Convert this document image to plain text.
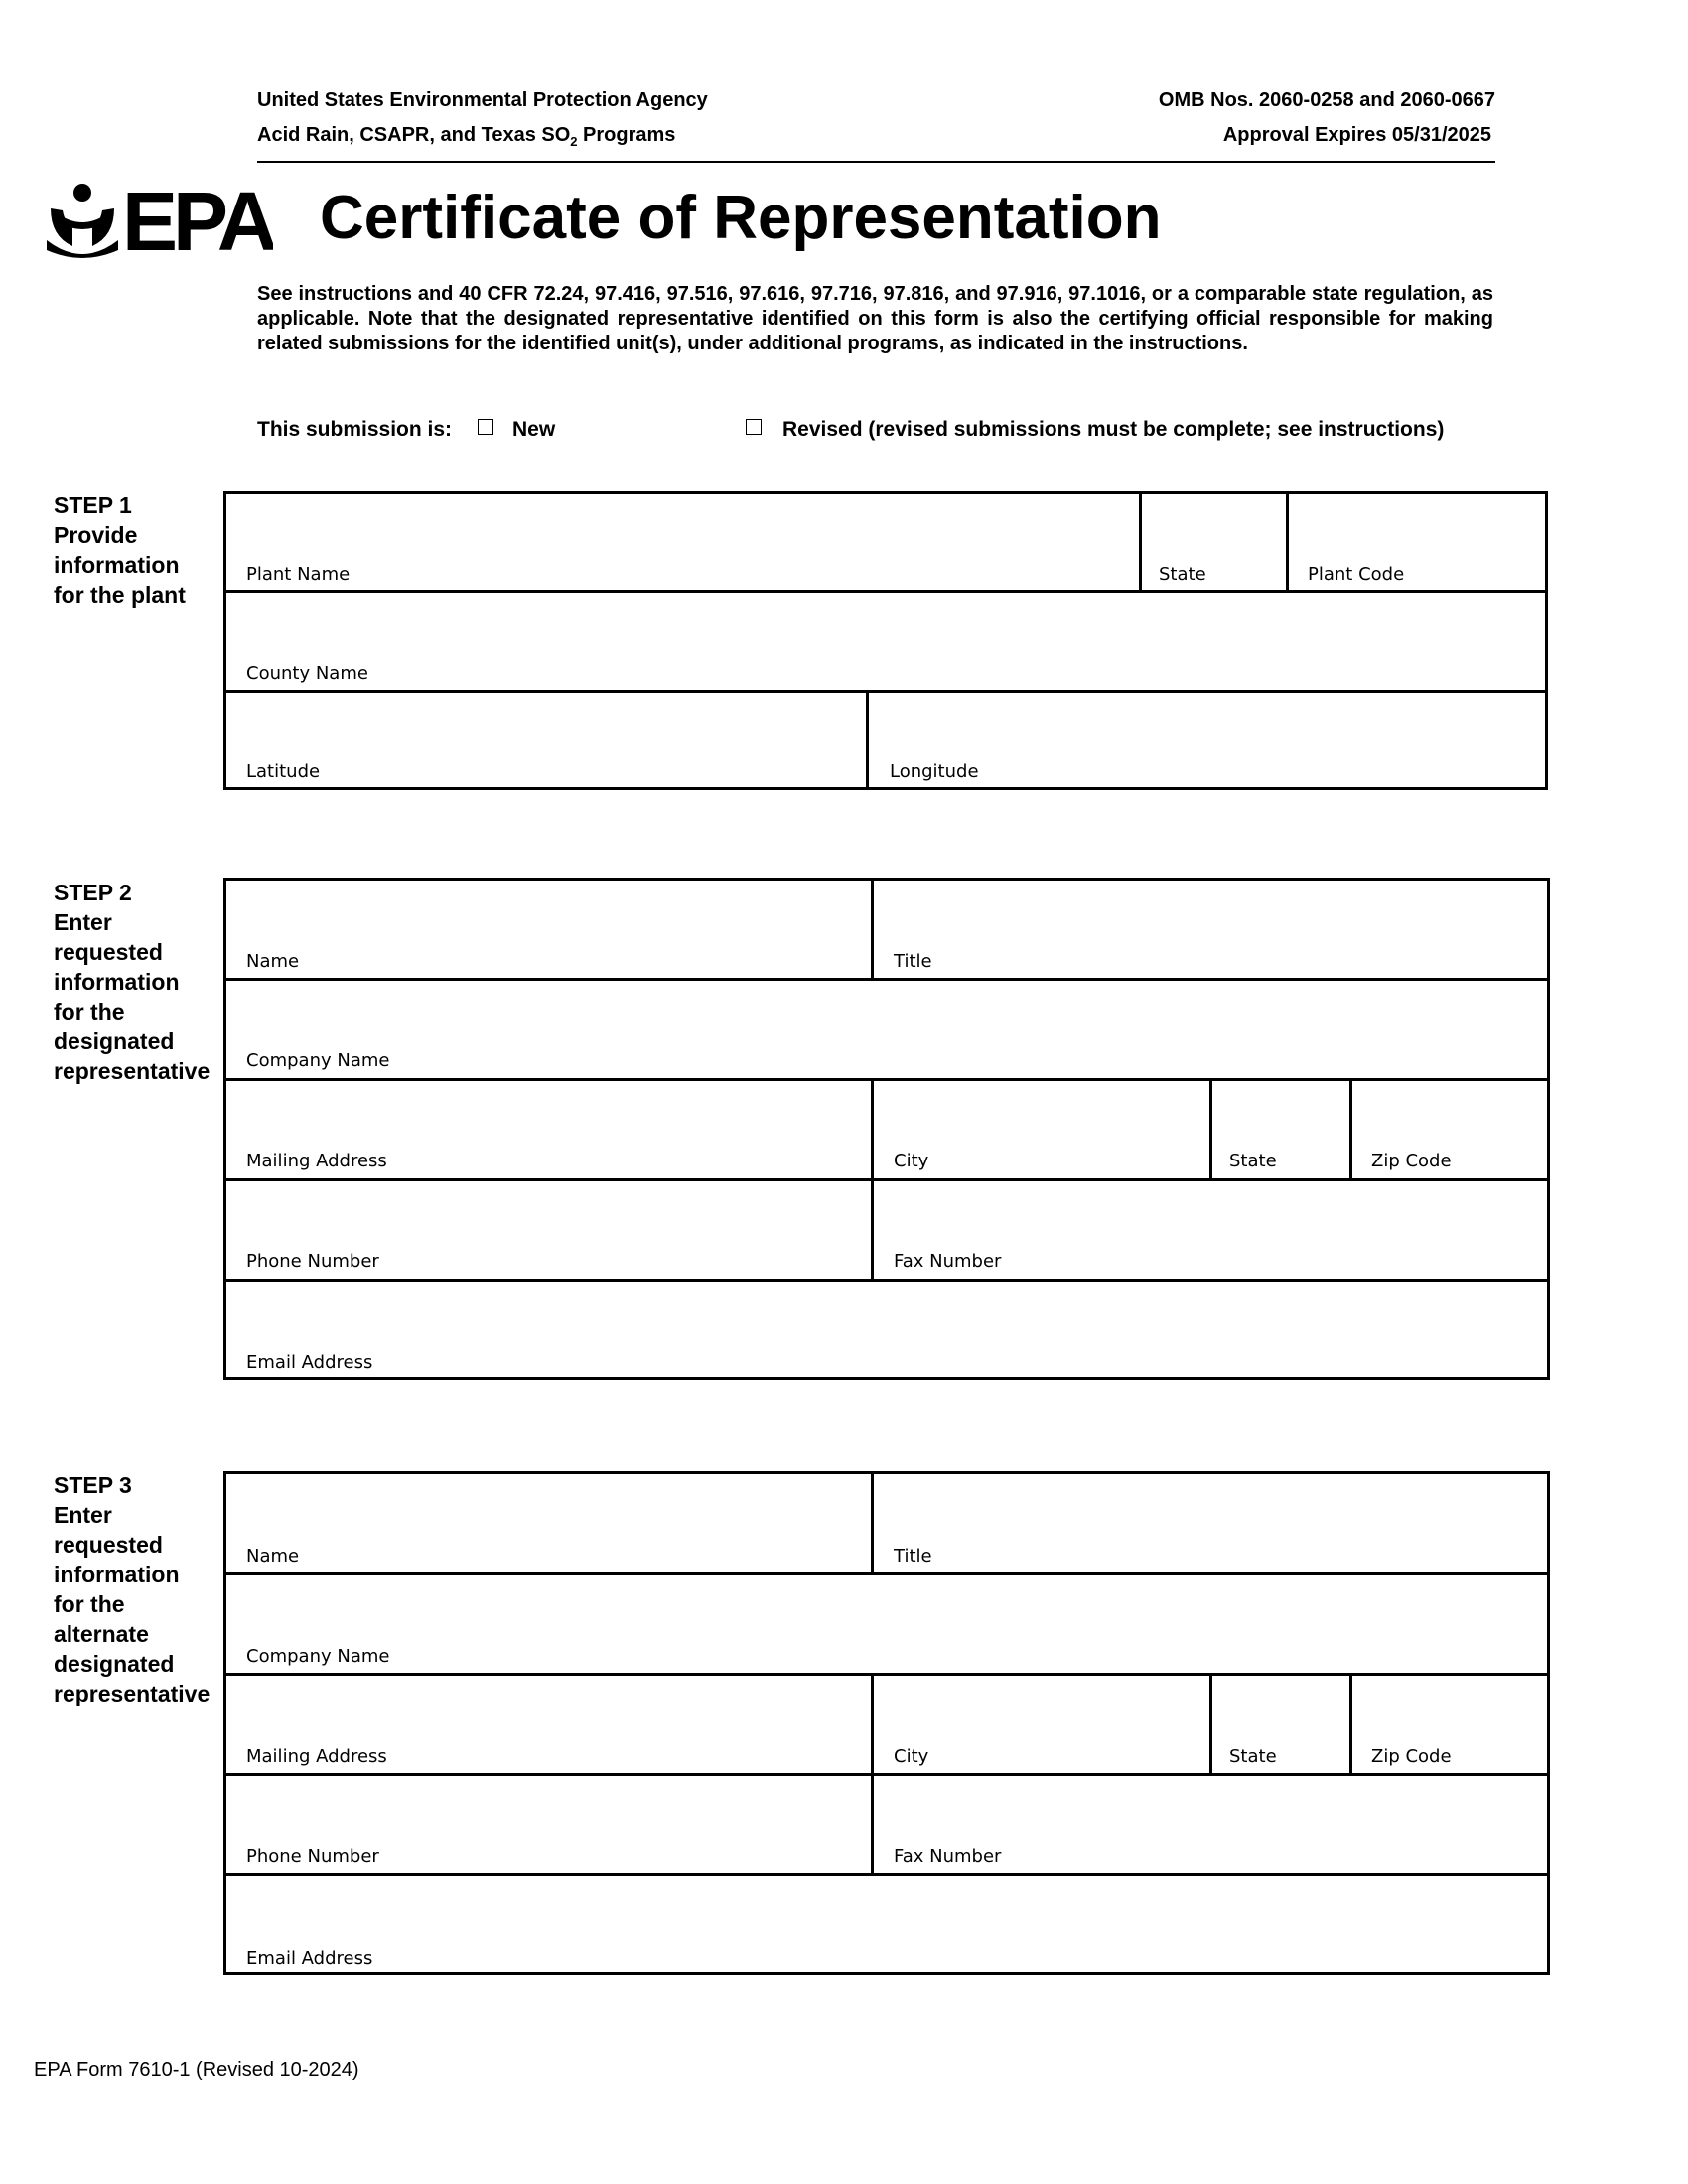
United States Environmental Protection Agency
Acid Rain, CSAPR, and Texas $SO_2$ Programs
OMB Nos. 2060-0258 and 2060-0667
Approval Expires 05/31/2025
EPA Certificate of Representation
See instructions and 40 CFR 72.24, 97.416, 97.516, 97.616, 97.716, 97.816, and 97.916, 97.1016, or a comparable state regulation, as applicable. Note that the designated representative identified on this form is also the certifying official responsible for making related submissions for the identified unit(s), under additional programs, as indicated in the instructions.
This submission is:	New	Revised (revised submissions must be complete; see instructions)
STEP 1
Provide
information
for the plant
Plant Name	State	Plant Code
County Name
Latitude	Longitude
STEP 2
Enter
requested
information
for the
designated
representative
Name	Title
Company Name
Mailing Address	City	State	Zip Code
Phone Number	Fax Number
Email Address
STEP 3
Enter
requested
information
for the
alternate
designated
representative
Name	Title
Company Name
Mailing Address	City	State	Zip Code
Phone Number	Fax Number
Email Address
EPA Form 7610-1 (Revised 10-2024)
